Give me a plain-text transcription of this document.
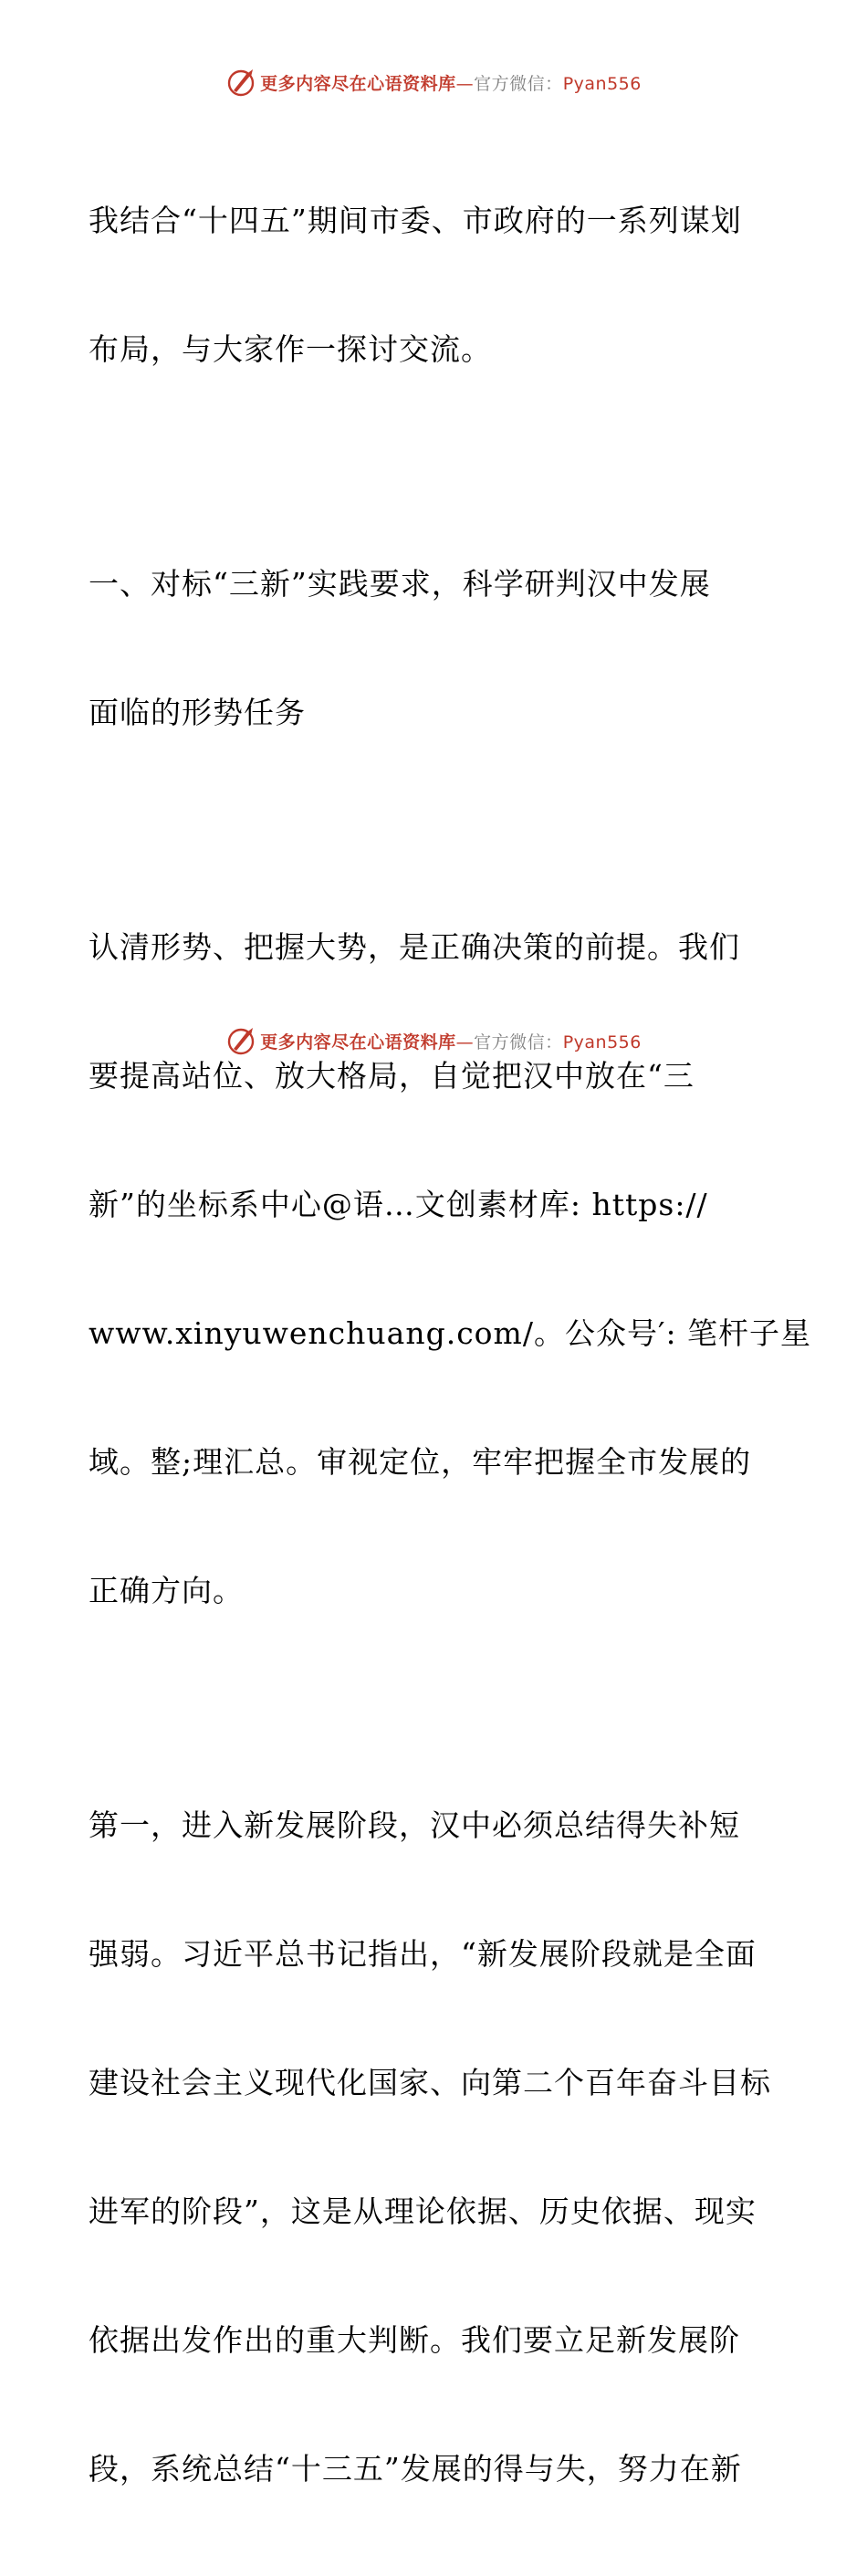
更多内容尽在心语资料库—官方微信：Pyan556

我结合“十四五”期间市委、市政府的一系列谋划

布局，与大家作一探讨交流。

一、对标“三新”实践要求，科学研判汉中发展

面临的形势任务

认清形势、把握大势，是正确决策的前提。我们

要提高站位、放大格局，自觉把汉中放在“三

新”的坐标系中心@语…文创素材库: https://

www.xinyuwenchuang.com/。公众号′: 笔杆子星

域。整;理汇总。审视定位，牢牢把握全市发展的

正确方向。

第一，进入新发展阶段，汉中必须总结得失补短

强弱。习近平总书记指出，“新发展阶段就是全面

建设社会主义现代化国家、向第二个百年奋斗目标

进军的阶段”，这是从理论依据、历史依据、现实

依据出发作出的重大判断。我们要立足新发展阶

段，系统总结“十三五”发展的得与失，努力在新

更多内容尽在心语资料库—官方微信：Pyan556
